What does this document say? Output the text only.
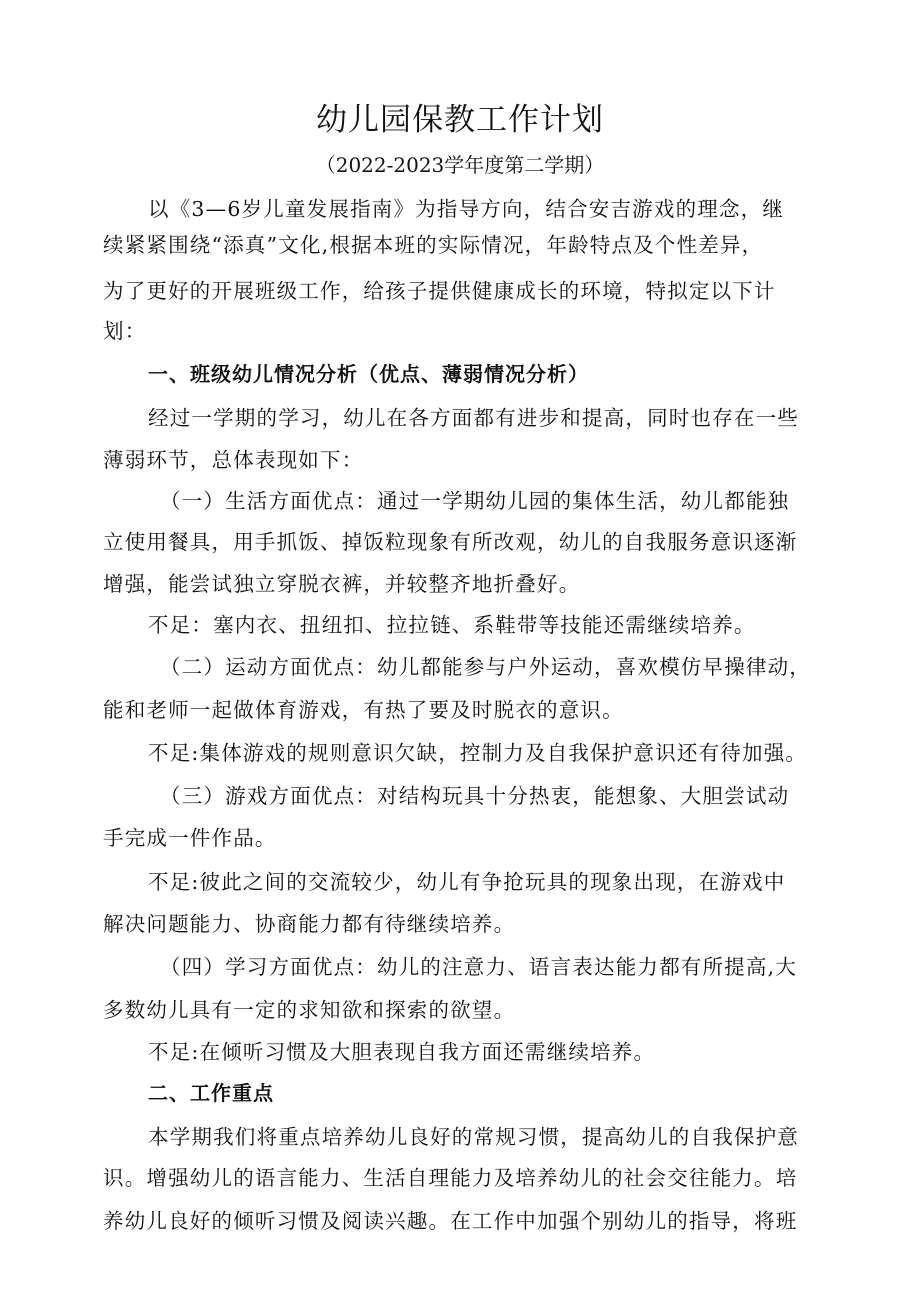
幼儿园保教工作计划
（2022-2023学年度第二学期）
以《3—6岁儿童发展指南》为指导方向，结合安吉游戏的理念，继
续紧紧围绕“添真”文化,根据本班的实际情况，年龄特点及个性差异，
为了更好的开展班级工作，给孩子提供健康成长的环境，特拟定以下计
划：
一、班级幼儿情况分析（优点、薄弱情况分析）
经过一学期的学习，幼儿在各方面都有进步和提高，同时也存在一些
薄弱环节，总体表现如下：
（一）生活方面优点：通过一学期幼儿园的集体生活，幼儿都能独
立使用餐具，用手抓饭、掉饭粒现象有所改观，幼儿的自我服务意识逐渐
增强，能尝试独立穿脱衣裤，并较整齐地折叠好。
不足：塞内衣、扭纽扣、拉拉链、系鞋带等技能还需继续培养。
（二）运动方面优点：幼儿都能参与户外运动，喜欢模仿早操律动，
能和老师一起做体育游戏，有热了要及时脱衣的意识。
不足:集体游戏的规则意识欠缺，控制力及自我保护意识还有待加强。
（三）游戏方面优点：对结构玩具十分热衷，能想象、大胆尝试动
手完成一件作品。
不足:彼此之间的交流较少，幼儿有争抢玩具的现象出现，在游戏中
解决问题能力、协商能力都有待继续培养。
（四）学习方面优点：幼儿的注意力、语言表达能力都有所提高,大
多数幼儿具有一定的求知欲和探索的欲望。
不足:在倾听习惯及大胆表现自我方面还需继续培养。
二、工作重点
本学期我们将重点培养幼儿良好的常规习惯，提高幼儿的自我保护意
识。增强幼儿的语言能力、生活自理能力及培养幼儿的社会交往能力。培
养幼儿良好的倾听习惯及阅读兴趣。在工作中加强个别幼儿的指导，将班
